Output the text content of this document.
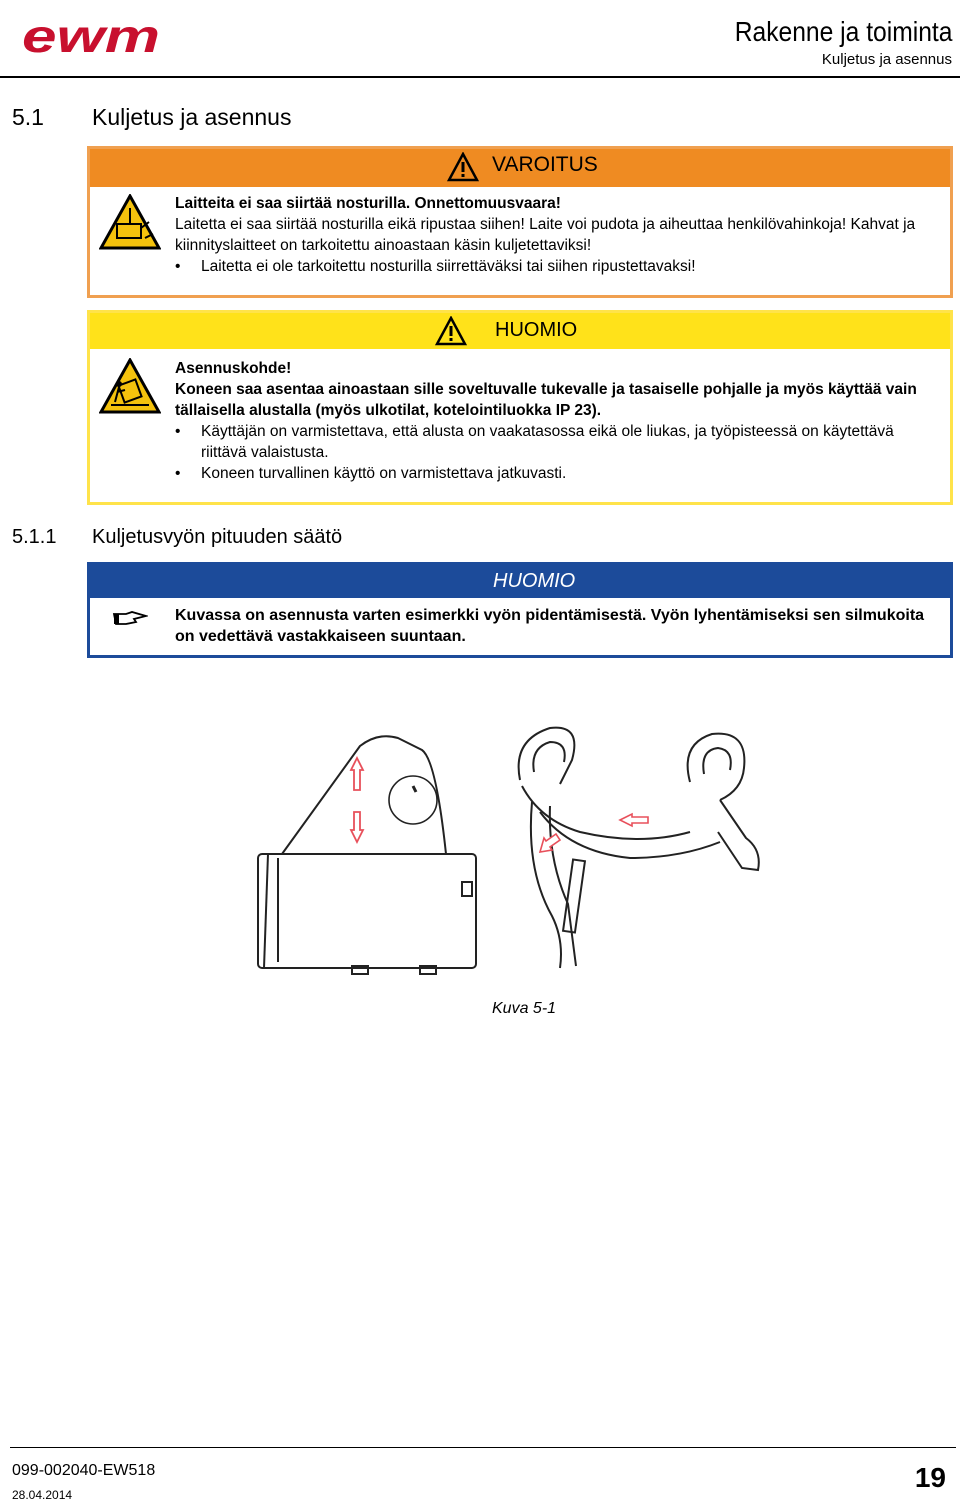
ewm	Rakenne ja toiminta
Kuljetus ja asennus
5.1 Kuljetus ja asennus
VAROITUS

Laitteita ei saa siirtää nosturilla. Onnettomuusvaara!

Laitetta ei saa siirtää nosturilla eikä ripustaa siihen! Laite voi pudota ja aiheuttaa henkilövahinkoja! Kahvat ja kiinnityslaitteet on tarkoitettu ainoastaan käsin kuljetettaviksi!

• Laitetta ei ole tarkoitettu nosturilla siirrettäväksi tai siihen ripustettavaksi!

HUOMIO

Asennuskohde!

Koneen saa asentaa ainoastaan sille soveltuvalle tukevalle ja tasaiselle pohjalle ja myös käyttää vain tällaisella alustalla (myös ulkotilat, kotelointiluokka IP 23).

• Käyttäjän on varmistettava, että alusta on vaakatasossa eikä ole liukas, ja työpisteessä on käytettävä riittävä valaistusta.

• Koneen turvallinen käyttö on varmistettava jatkuvasti.

5.1.1 Kuljetusvyön pituuden säätö
HUOMIO

Kuvassa on asennusta varten esimerkki vyön pidentämisestä. Vyön lyhentämiseksi sen silmukoita on vedettävä vastakkaiseen suuntaan.

Kuva 5-1
099-002040-EW518
28.04.2014
19
